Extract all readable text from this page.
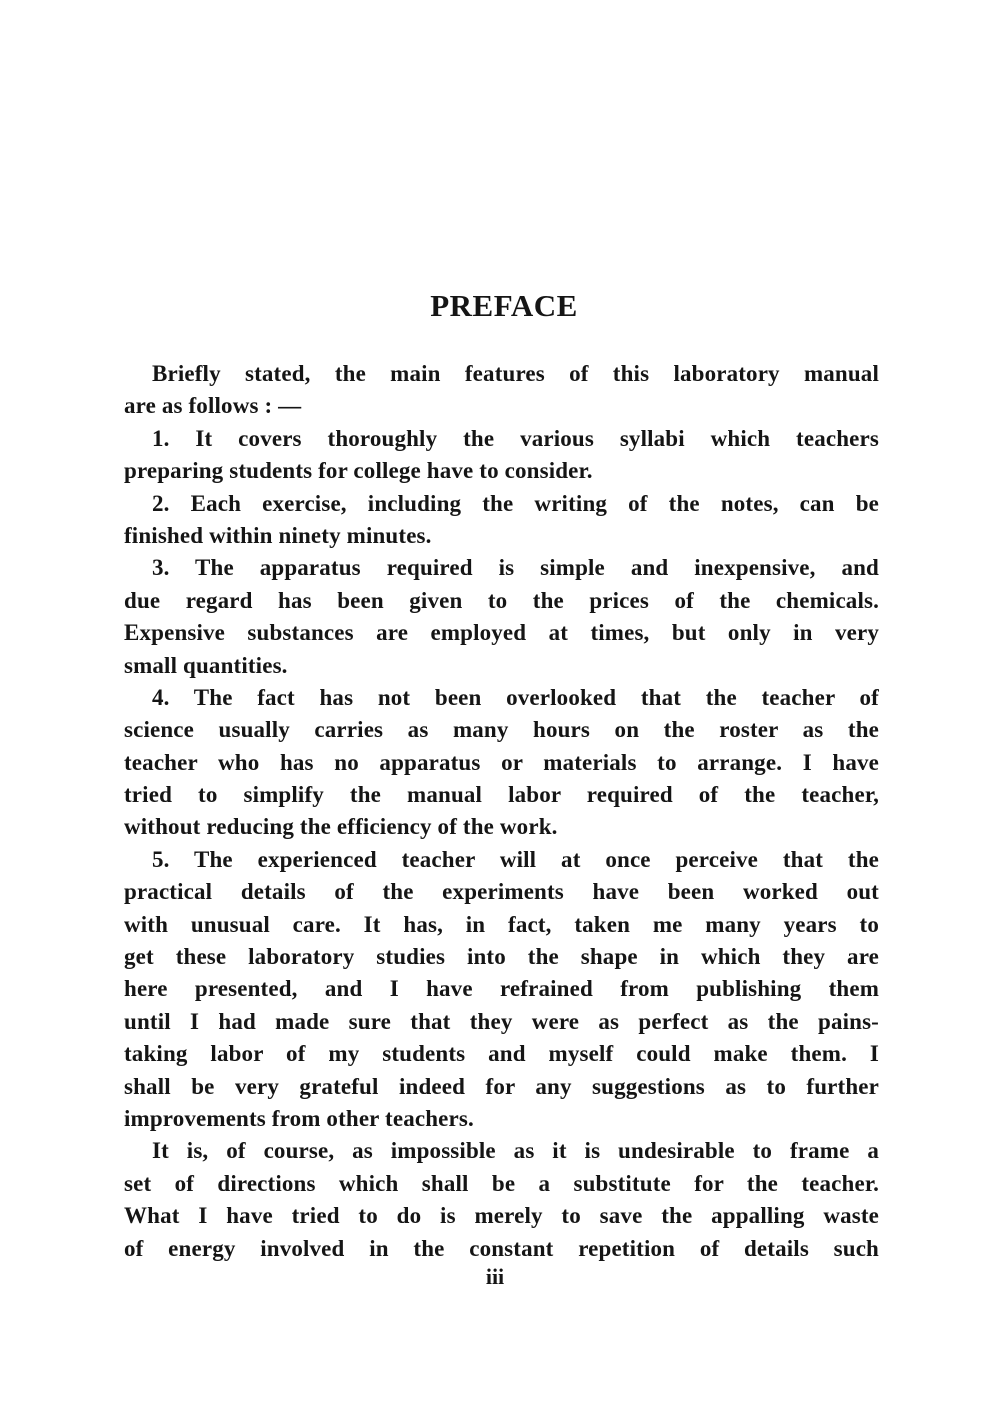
PREFACE
Briefly stated, the main features of this laboratory manual
are as follows : —
1. It covers thoroughly the various syllabi which teachers
preparing students for college have to consider.
2. Each exercise, including the writing of the notes, can be
finished within ninety minutes.
3. The apparatus required is simple and inexpensive, and
due regard has been given to the prices of the chemicals.
Expensive substances are employed at times, but only in very
small quantities.
4. The fact has not been overlooked that the teacher of
science usually carries as many hours on the roster as the
teacher who has no apparatus or materials to arrange. I have
tried to simplify the manual labor required of the teacher,
without reducing the efficiency of the work.
5. The experienced teacher will at once perceive that the
practical details of the experiments have been worked out
with unusual care. It has, in fact, taken me many years to
get these laboratory studies into the shape in which they are
here presented, and I have refrained from publishing them
until I had made sure that they were as perfect as the pains-
taking labor of my students and myself could make them. I
shall be very grateful indeed for any suggestions as to further
improvements from other teachers.
It is, of course, as impossible as it is undesirable to frame a
set of directions which shall be a substitute for the teacher.
What I have tried to do is merely to save the appalling waste
of energy involved in the constant repetition of details such
iii
